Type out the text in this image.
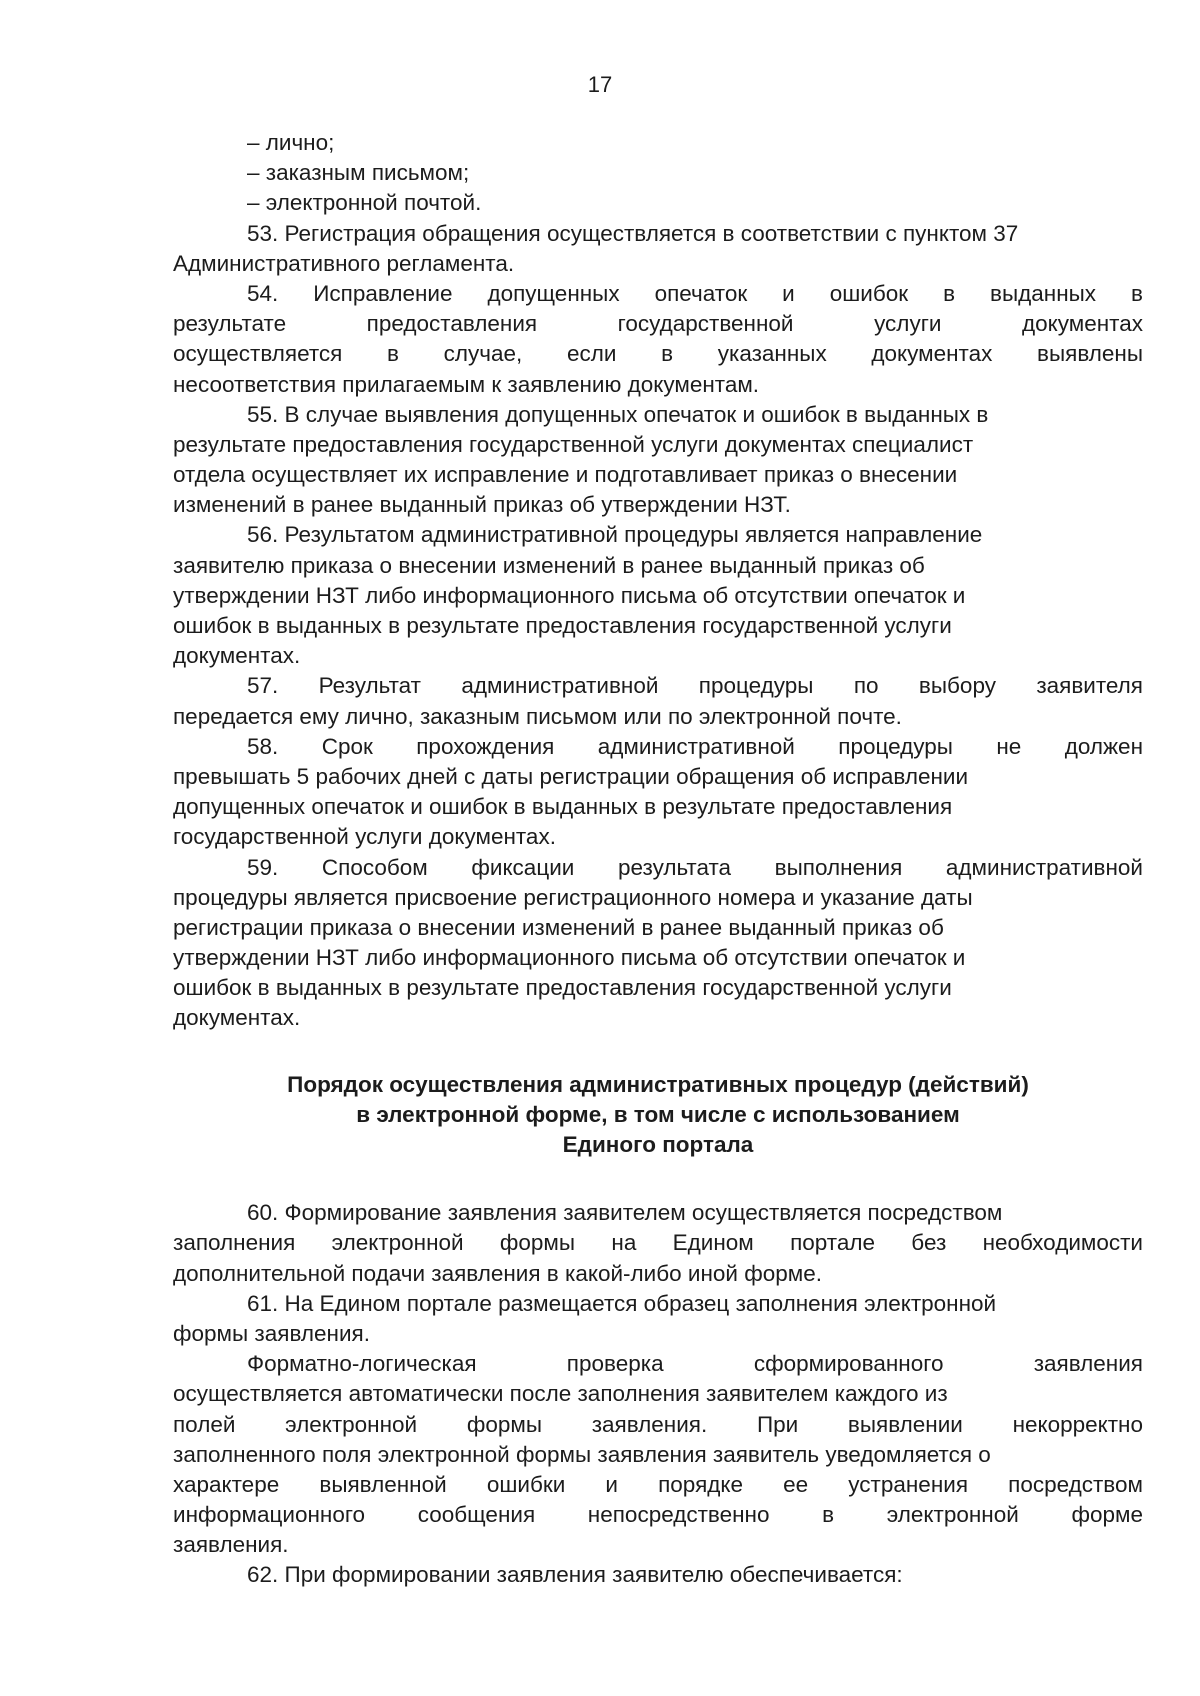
17
– лично;
– заказным письмом;
– электронной почтой.
53. Регистрация обращения осуществляется в соответствии с пунктом 37
Административного регламента.
54. Исправление допущенных опечаток и ошибок в выданных в
результате предоставления государственной услуги документах
осуществляется в случае, если в указанных документах выявлены
несоответствия прилагаемым к заявлению документам.
55. В случае выявления допущенных опечаток и ошибок в выданных в
результате предоставления государственной услуги документах специалист
отдела осуществляет их исправление и подготавливает приказ о внесении
изменений в ранее выданный приказ об утверждении НЗТ.
56. Результатом административной процедуры является направление
заявителю приказа о внесении изменений в ранее выданный приказ об
утверждении НЗТ либо информационного письма об отсутствии опечаток и
ошибок в выданных в результате предоставления государственной услуги
документах.
57. Результат административной процедуры по выбору заявителя
передается ему лично, заказным письмом или по электронной почте.
58. Срок прохождения административной процедуры не должен
превышать 5 рабочих дней с даты регистрации обращения об исправлении
допущенных опечаток и ошибок в выданных в результате предоставления
государственной услуги документах.
59. Способом фиксации результата выполнения административной
процедуры является присвоение регистрационного номера и указание даты
регистрации приказа о внесении изменений в ранее выданный приказ об
утверждении НЗТ либо информационного письма об отсутствии опечаток и
ошибок в выданных в результате предоставления государственной услуги
документах.
Порядок осуществления административных процедур (действий)
в электронной форме, в том числе с использованием
Единого портала
60. Формирование заявления заявителем осуществляется посредством
заполнения электронной формы на Едином портале без необходимости
дополнительной подачи заявления в какой-либо иной форме.
61. На Едином портале размещается образец заполнения электронной
формы заявления.
Форматно-логическая проверка сформированного заявления
осуществляется автоматически после заполнения заявителем каждого из
полей электронной формы заявления. При выявлении некорректно
заполненного поля электронной формы заявления заявитель уведомляется о
характере выявленной ошибки и порядке ее устранения посредством
информационного сообщения непосредственно в электронной форме
заявления.
62. При формировании заявления заявителю обеспечивается:
